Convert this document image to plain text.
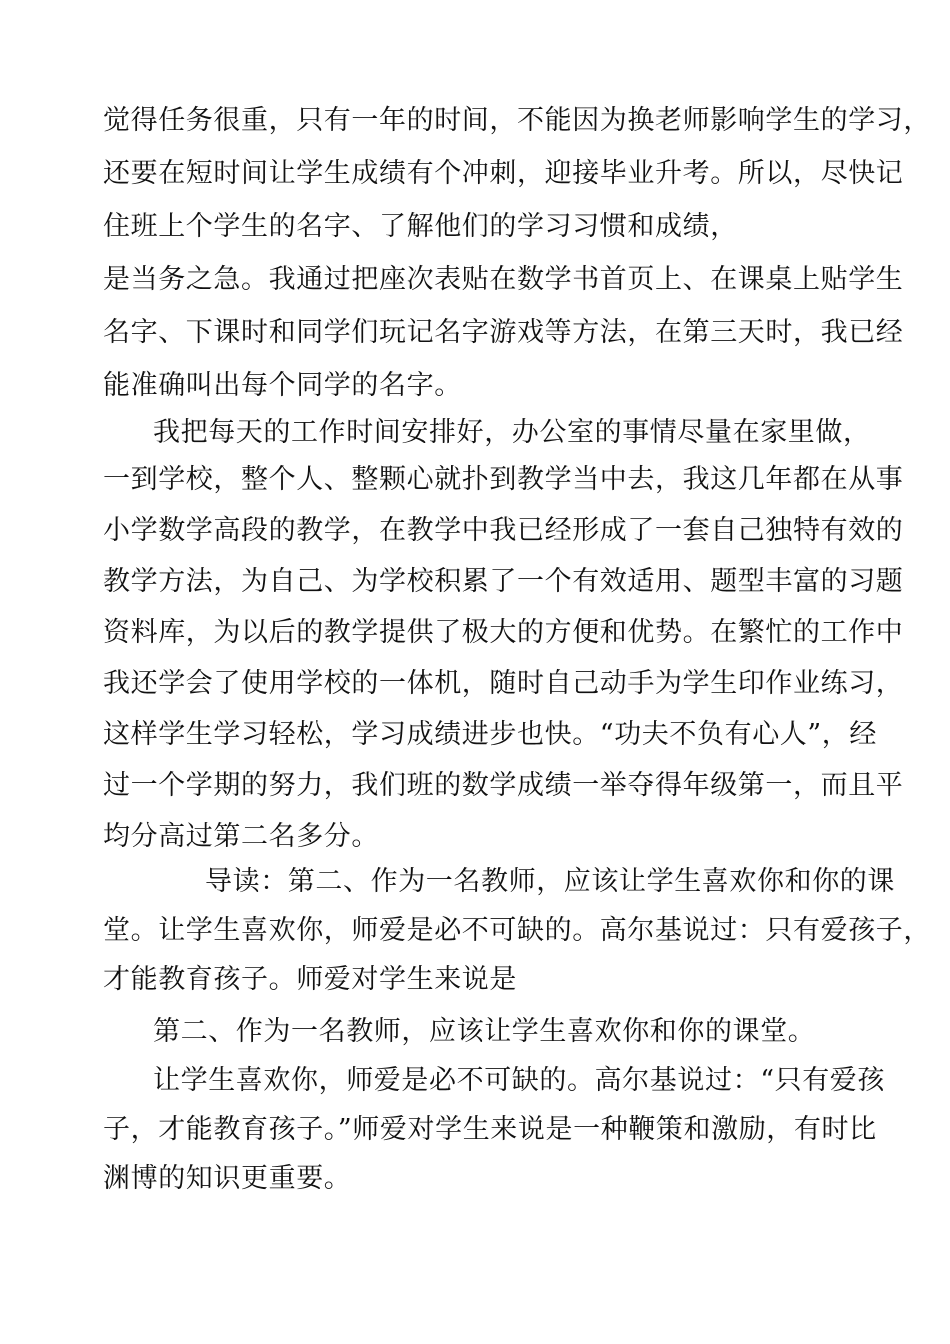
觉得任务很重，只有一年的时间，不能因为换老师影响学生的学习，
还要在短时间让学生成绩有个冲刺，迎接毕业升考。所以，尽快记
住班上个学生的名字、了解他们的学习习惯和成绩，
是当务之急。我通过把座次表贴在数学书首页上、在课桌上贴学生
名字、下课时和同学们玩记名字游戏等方法，在第三天时，我已经
能准确叫出每个同学的名字。
我把每天的工作时间安排好，办公室的事情尽量在家里做，
一到学校，整个人、整颗心就扑到教学当中去，我这几年都在从事
小学数学高段的教学，在教学中我已经形成了一套自己独特有效的
教学方法，为自己、为学校积累了一个有效适用、题型丰富的习题
资料库，为以后的教学提供了极大的方便和优势。在繁忙的工作中
我还学会了使用学校的一体机，随时自己动手为学生印作业练习，
这样学生学习轻松，学习成绩进步也快。“功夫不负有心人”，经
过一个学期的努力，我们班的数学成绩一举夺得年级第一，而且平
均分高过第二名多分。
导读：第二、作为一名教师，应该让学生喜欢你和你的课
堂。让学生喜欢你，师爱是必不可缺的。高尔基说过：只有爱孩子，
才能教育孩子。师爱对学生来说是
第二、作为一名教师，应该让学生喜欢你和你的课堂。
让学生喜欢你，师爱是必不可缺的。高尔基说过：“只有爱孩
子，才能教育孩子。”师爱对学生来说是一种鞭策和激励，有时比
渊博的知识更重要。
